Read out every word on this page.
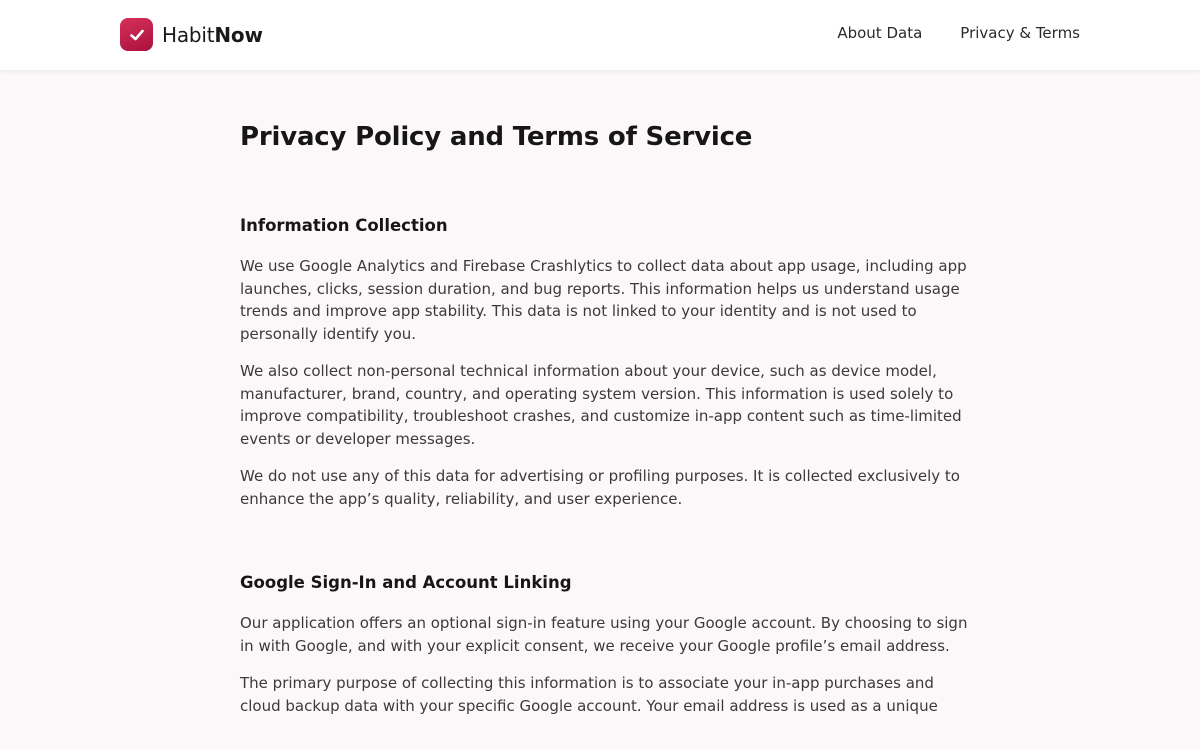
HabitNow	About Data	Privacy & Terms
Privacy Policy and Terms of Service
Information Collection

We use Google Analytics and Firebase Crashlytics to collect data about app usage, including app launches, clicks, session duration, and bug reports. This information helps us understand usage trends and improve app stability. This data is not linked to your identity and is not used to personally identify you.

We also collect non-personal technical information about your device, such as device model, manufacturer, brand, country, and operating system version. This information is used solely to improve compatibility, troubleshoot crashes, and customize in-app content such as time-limited events or developer messages.

We do not use any of this data for advertising or profiling purposes. It is collected exclusively to enhance the app’s quality, reliability, and user experience.

Google Sign-In and Account Linking

Our application offers an optional sign-in feature using your Google account. By choosing to sign in with Google, and with your explicit consent, we receive your Google profile’s email address.

The primary purpose of collecting this information is to associate your in-app purchases and cloud backup data with your specific Google account. Your email address is used as a unique
